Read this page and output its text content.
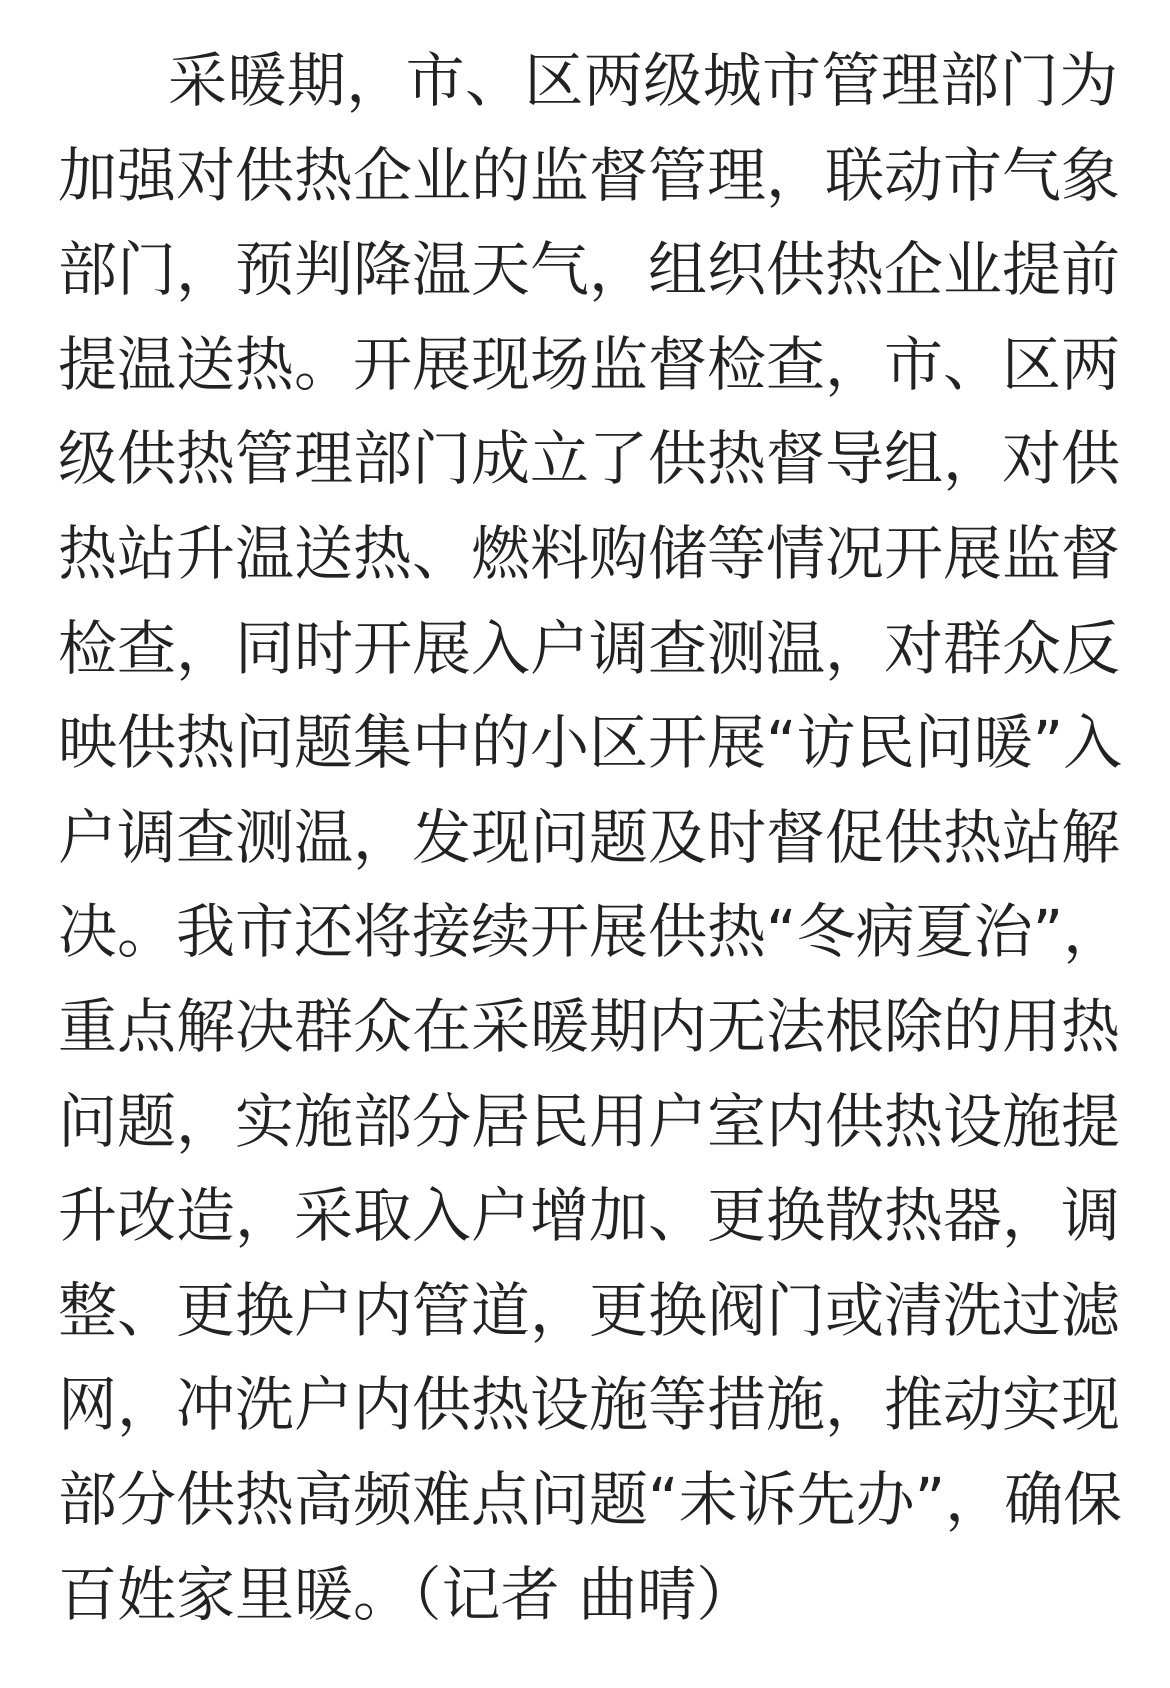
采暖期，市、区两级城市管理部门为
加强对供热企业的监督管理，联动市气象
部门，预判降温天气，组织供热企业提前
提温送热。开展现场监督检查，市、区两
级供热管理部门成立了供热督导组，对供
热站升温送热、燃料购储等情况开展监督
检查，同时开展入户调查测温，对群众反
映供热问题集中的小区开展“访民问暖”入
户调查测温，发现问题及时督促供热站解
决。我市还将接续开展供热“冬病夏治”，
重点解决群众在采暖期内无法根除的用热
问题，实施部分居民用户室内供热设施提
升改造，采取入户增加、更换散热器，调
整、更换户内管道，更换阀门或清洗过滤
网，冲洗户内供热设施等措施，推动实现
部分供热高频难点问题“未诉先办”，确保
百姓家里暖。（记者 曲晴）
